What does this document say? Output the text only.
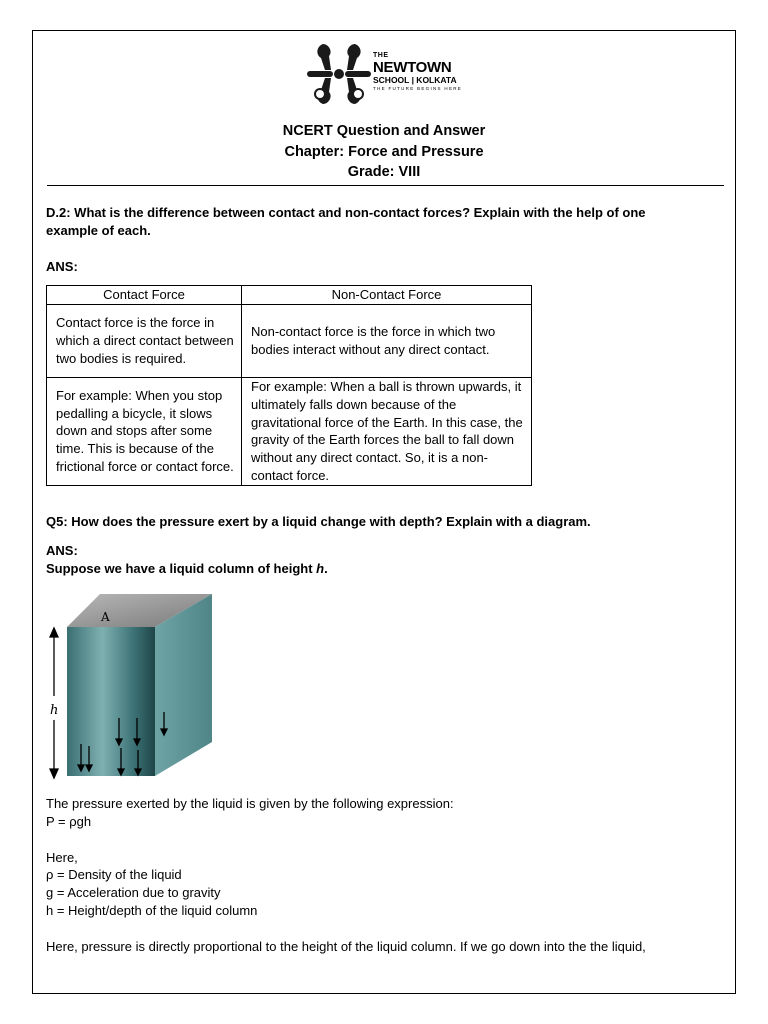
THE
NEWTOWN
SCHOOL | KOLKATA
THE FUTURE BEGINS HERE
NCERT Question and Answer
Chapter: Force and Pressure
Grade: VIII
D.2: What is the difference between contact and non-contact forces? Explain with the help of one
example of each.
ANS:
Contact Force	Non-Contact Force
Contact force is the force in which a direct contact between two bodies is required.	Non-contact force is the force in which two bodies interact without any direct contact.
For example: When you stop pedalling a bicycle, it slows down and stops after some time. This is because of the frictional force or contact force.	For example: When a ball is thrown upwards, it ultimately falls down because of the gravitational force of the Earth. In this case, the gravity of the Earth forces the ball to fall down without any direct contact. So, it is a non-contact force.
Q5: How does the pressure exert by a liquid change with depth? Explain with a diagram.
ANS:
Suppose we have a liquid column of height h.
A
h
The pressure exerted by the liquid is given by the following expression:
P = ρgh
Here,
ρ = Density of the liquid
g = Acceleration due to gravity
h = Height/depth of the liquid column
Here, pressure is directly proportional to the height of the liquid column. If we go down into the the liquid,
